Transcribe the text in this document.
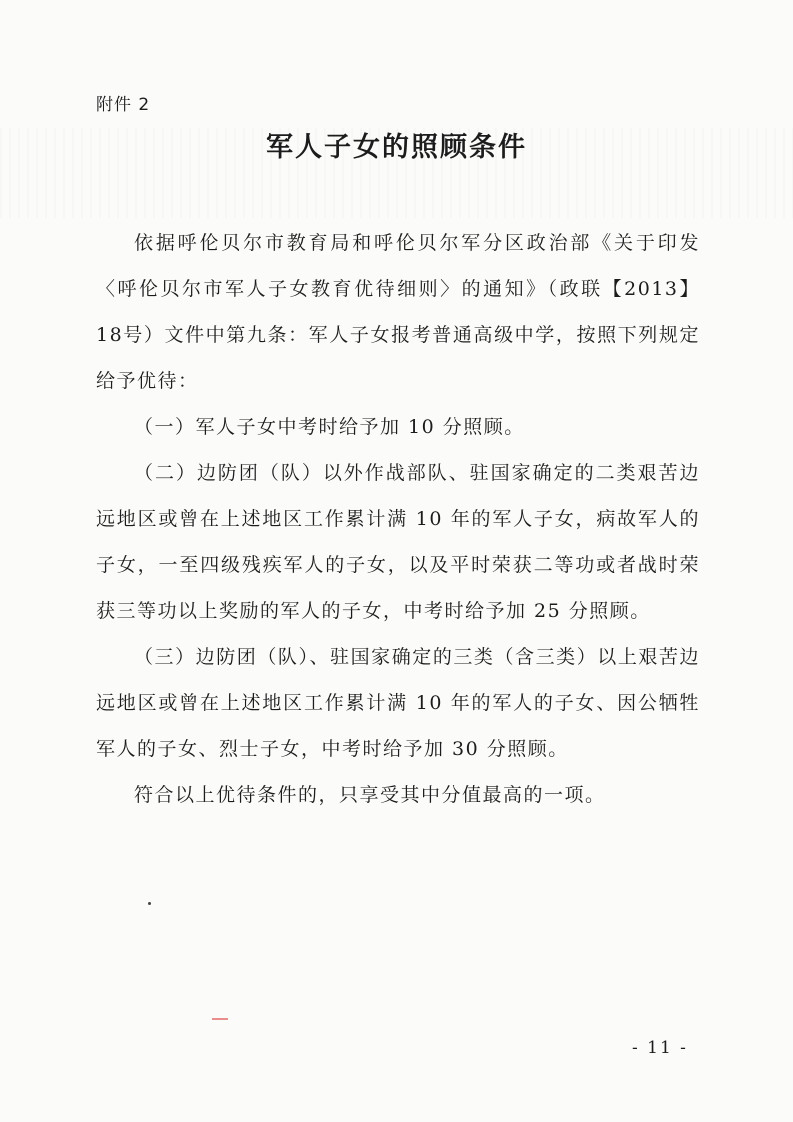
附件 2
军人子女的照顾条件

依据呼伦贝尔市教育局和呼伦贝尔军分区政治部《关于印发〈呼伦贝尔市军人子女教育优待细则〉的通知》（政联【2013】18号）文件中第九条：军人子女报考普通高级中学，按照下列规定给予优待：

（一）军人子女中考时给予加 10 分照顾。

（二）边防团（队）以外作战部队、驻国家确定的二类艰苦边远地区或曾在上述地区工作累计满 10 年的军人子女，病故军人的子女，一至四级残疾军人的子女，以及平时荣获二等功或者战时荣获三等功以上奖励的军人的子女，中考时给予加 25 分照顾。

（三）边防团（队）、驻国家确定的三类（含三类）以上艰苦边远地区或曾在上述地区工作累计满 10 年的军人的子女、因公牺牲军人的子女、烈士子女，中考时给予加 30 分照顾。

符合以上优待条件的，只享受其中分值最高的一项。

- 11 -
